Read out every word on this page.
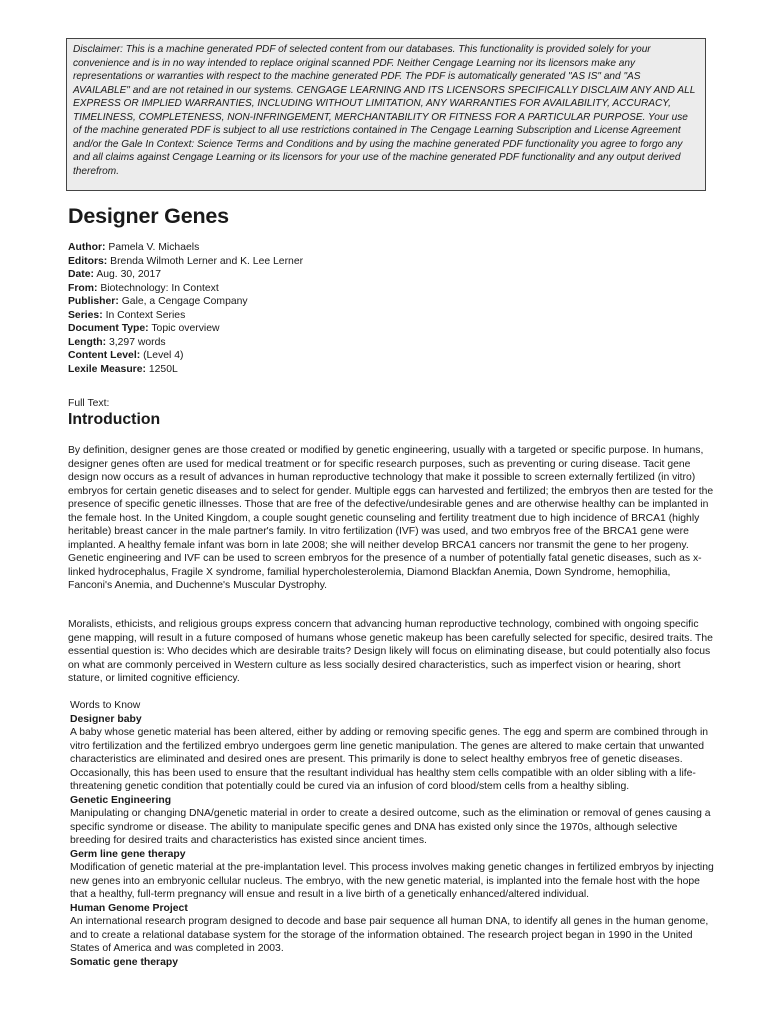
Disclaimer: This is a machine generated PDF of selected content from our databases. This functionality is provided solely for your convenience and is in no way intended to replace original scanned PDF. Neither Cengage Learning nor its licensors make any representations or warranties with respect to the machine generated PDF. The PDF is automatically generated "AS IS" and "AS AVAILABLE" and are not retained in our systems. CENGAGE LEARNING AND ITS LICENSORS SPECIFICALLY DISCLAIM ANY AND ALL EXPRESS OR IMPLIED WARRANTIES, INCLUDING WITHOUT LIMITATION, ANY WARRANTIES FOR AVAILABILITY, ACCURACY, TIMELINESS, COMPLETENESS, NON-INFRINGEMENT, MERCHANTABILITY OR FITNESS FOR A PARTICULAR PURPOSE. Your use of the machine generated PDF is subject to all use restrictions contained in The Cengage Learning Subscription and License Agreement and/or the Gale In Context: Science Terms and Conditions and by using the machine generated PDF functionality you agree to forgo any and all claims against Cengage Learning or its licensors for your use of the machine generated PDF functionality and any output derived therefrom.
Designer Genes
Author: Pamela V. Michaels
Editors: Brenda Wilmoth Lerner and K. Lee Lerner
Date: Aug. 30, 2017
From: Biotechnology: In Context
Publisher: Gale, a Cengage Company
Series: In Context Series
Document Type: Topic overview
Length: 3,297 words
Content Level: (Level 4)
Lexile Measure: 1250L
Full Text:
Introduction

By definition, designer genes are those created or modified by genetic engineering, usually with a targeted or specific purpose. In humans, designer genes often are used for medical treatment or for specific research purposes, such as preventing or curing disease. Tacit gene design now occurs as a result of advances in human reproductive technology that make it possible to screen externally fertilized (in vitro) embryos for certain genetic diseases and to select for gender. Multiple eggs can harvested and fertilized; the embryos then are tested for the presence of specific genetic illnesses. Those that are free of the defective/undesirable genes and are otherwise healthy can be implanted in the female host. In the United Kingdom, a couple sought genetic counseling and fertility treatment due to high incidence of BRCA1 (highly heritable) breast cancer in the male partner's family. In vitro fertilization (IVF) was used, and two embryos free of the BRCA1 gene were implanted. A healthy female infant was born in late 2008; she will neither develop BRCA1 cancers nor transmit the gene to her progeny. Genetic engineering and IVF can be used to screen embryos for the presence of a number of potentially fatal genetic diseases, such as x-linked hydrocephalus, Fragile X syndrome, familial hypercholesterolemia, Diamond Blackfan Anemia, Down Syndrome, hemophilia, Fanconi's Anemia, and Duchenne's Muscular Dystrophy.

Moralists, ethicists, and religious groups express concern that advancing human reproductive technology, combined with ongoing specific gene mapping, will result in a future composed of humans whose genetic makeup has been carefully selected for specific, desired traits. The essential question is: Who decides which are desirable traits? Design likely will focus on eliminating disease, but could potentially also focus on what are commonly perceived in Western culture as less socially desired characteristics, such as imperfect vision or hearing, short stature, or limited cognitive efficiency.

Words to Know
Designer baby

A baby whose genetic material has been altered, either by adding or removing specific genes. The egg and sperm are combined through in vitro fertilization and the fertilized embryo undergoes germ line genetic manipulation. The genes are altered to make certain that unwanted characteristics are eliminated and desired ones are present. This primarily is done to select healthy embryos free of genetic diseases. Occasionally, this has been used to ensure that the resultant individual has healthy stem cells compatible with an older sibling with a life-threatening genetic condition that potentially could be cured via an infusion of cord blood/stem cells from a healthy sibling.

Genetic Engineering

Manipulating or changing DNA/genetic material in order to create a desired outcome, such as the elimination or removal of genes causing a specific syndrome or disease. The ability to manipulate specific genes and DNA has existed only since the 1970s, although selective breeding for desired traits and characteristics has existed since ancient times.

Germ line gene therapy

Modification of genetic material at the pre-implantation level. This process involves making genetic changes in fertilized embryos by injecting new genes into an embryonic cellular nucleus. The embryo, with the new genetic material, is implanted into the female host with the hope that a healthy, full-term pregnancy will ensue and result in a live birth of a genetically enhanced/altered individual.

Human Genome Project

An international research program designed to decode and base pair sequence all human DNA, to identify all genes in the human genome, and to create a relational database system for the storage of the information obtained. The research project began in 1990 in the United States of America and was completed in 2003.

Somatic gene therapy
